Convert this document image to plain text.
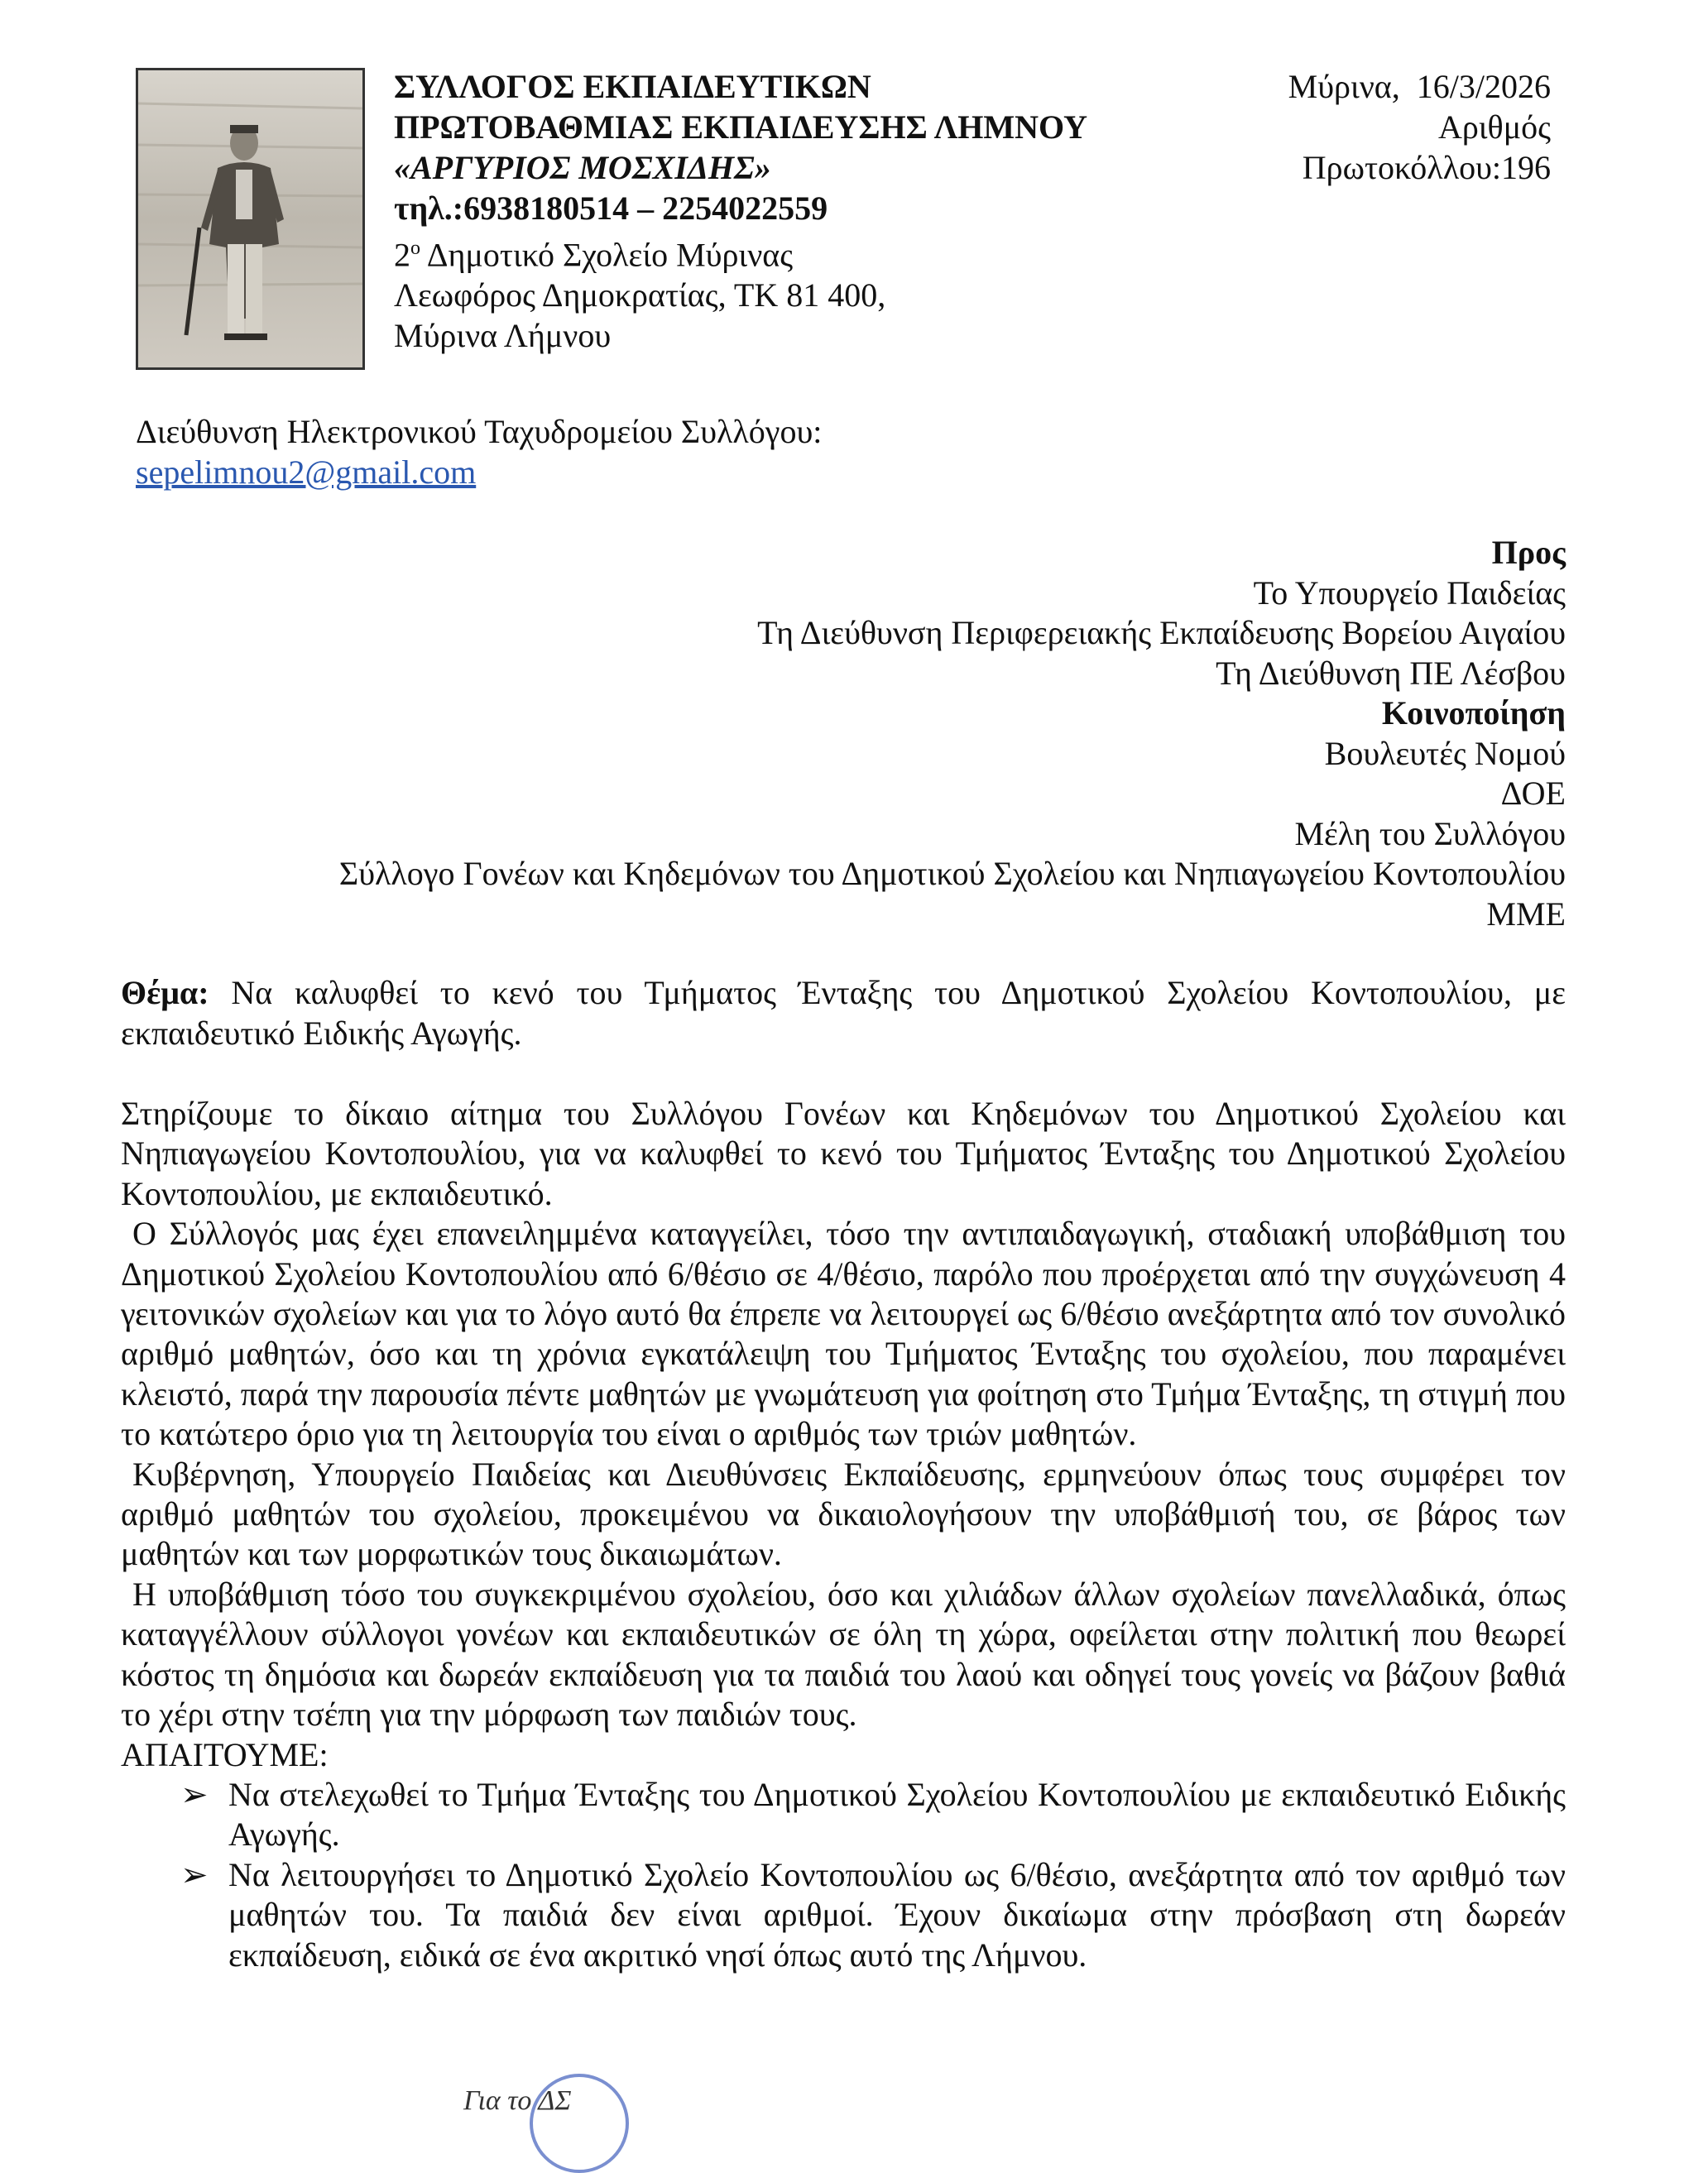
ΣΥΛΛΟΓΟΣ ΕΚΠΑΙΔΕΥΤΙΚΩΝ
ΠΡΩΤΟΒΑΘΜΙΑΣ ΕΚΠΑΙΔΕΥΣΗΣ ΛΗΜΝΟΥ
«ΑΡΓΥΡΙΟΣ ΜΟΣΧΙΔΗΣ»
τηλ.:6938180514 – 2254022559
$2^o$ Δημοτικό Σχολείο Μύρινας
Λεωφόρος Δημοκρατίας, ΤΚ 81 400,
Μύρινα Λήμνου
Μύρινα,  16/3/2026
Αριθμός
Πρωτοκόλλου:196
Διεύθυνση Ηλεκτρονικού Ταχυδρομείου Συλλόγου:
sepelimnou2@gmail.com
Προς
Το Υπουργείο Παιδείας
Τη Διεύθυνση Περιφερειακής Εκπαίδευσης Βορείου Αιγαίου
Τη Διεύθυνση ΠΕ Λέσβου
Κοινοποίηση
Βουλευτές Νομού
ΔΟΕ
Μέλη του Συλλόγου
Σύλλογο Γονέων και Κηδεμόνων του Δημοτικού Σχολείου και Νηπιαγωγείου Κοντοπουλίου
ΜΜΕ
Θέμα: Να καλυφθεί το κενό του Τμήματος Ένταξης του Δημοτικού Σχολείου Κοντοπουλίου, με εκπαιδευτικό Ειδικής Αγωγής.

Στηρίζουμε το δίκαιο αίτημα του Συλλόγου Γονέων και Κηδεμόνων του Δημοτικού Σχολείου και Νηπιαγωγείου Κοντοπουλίου, για να καλυφθεί το κενό του Τμήματος Ένταξης του Δημοτικού Σχολείου Κοντοπουλίου, με εκπαιδευτικό.

Ο Σύλλογός μας έχει επανειλημμένα καταγγείλει, τόσο την αντιπαιδαγωγική, σταδιακή υποβάθμιση του Δημοτικού Σχολείου Κοντοπουλίου από 6/θέσιο σε 4/θέσιο, παρόλο που προέρχεται από την συγχώνευση 4 γειτονικών σχολείων και για το λόγο αυτό θα έπρεπε να λειτουργεί ως 6/θέσιο ανεξάρτητα από τον συνολικό αριθμό μαθητών, όσο και τη χρόνια εγκατάλειψη του Τμήματος Ένταξης του σχολείου, που παραμένει κλειστό, παρά την παρουσία πέντε μαθητών με γνωμάτευση για φοίτηση στο Τμήμα Ένταξης, τη στιγμή που το κατώτερο όριο για τη λειτουργία του είναι ο αριθμός των τριών μαθητών.

Κυβέρνηση, Υπουργείο Παιδείας και Διευθύνσεις Εκπαίδευσης, ερμηνεύουν όπως τους συμφέρει τον αριθμό μαθητών του σχολείου, προκειμένου να δικαιολογήσουν την υποβάθμισή του, σε βάρος των μαθητών και των μορφωτικών τους δικαιωμάτων.

Η υποβάθμιση τόσο του συγκεκριμένου σχολείου, όσο και χιλιάδων άλλων σχολείων πανελλαδικά, όπως καταγγέλλουν σύλλογοι γονέων και εκπαιδευτικών σε όλη τη χώρα, οφείλεται στην πολιτική που θεωρεί κόστος τη δημόσια και δωρεάν εκπαίδευση για τα παιδιά του λαού και οδηγεί τους γονείς να βάζουν βαθιά το χέρι στην τσέπη για την μόρφωση των παιδιών τους.

ΑΠΑΙΤΟΥΜΕ:

➢ Να στελεχωθεί το Τμήμα Ένταξης του Δημοτικού Σχολείου Κοντοπουλίου με εκπαιδευτικό Ειδικής Αγωγής.
➢ Να λειτουργήσει το Δημοτικό Σχολείο Κοντοπουλίου ως 6/θέσιο, ανεξάρτητα από τον αριθμό των μαθητών του. Τα παιδιά δεν είναι αριθμοί. Έχουν δικαίωμα στην πρόσβαση στη δωρεάν εκπαίδευση, ειδικά σε ένα ακριτικό νησί όπως αυτό της Λήμνου.
Για το ΔΣ
